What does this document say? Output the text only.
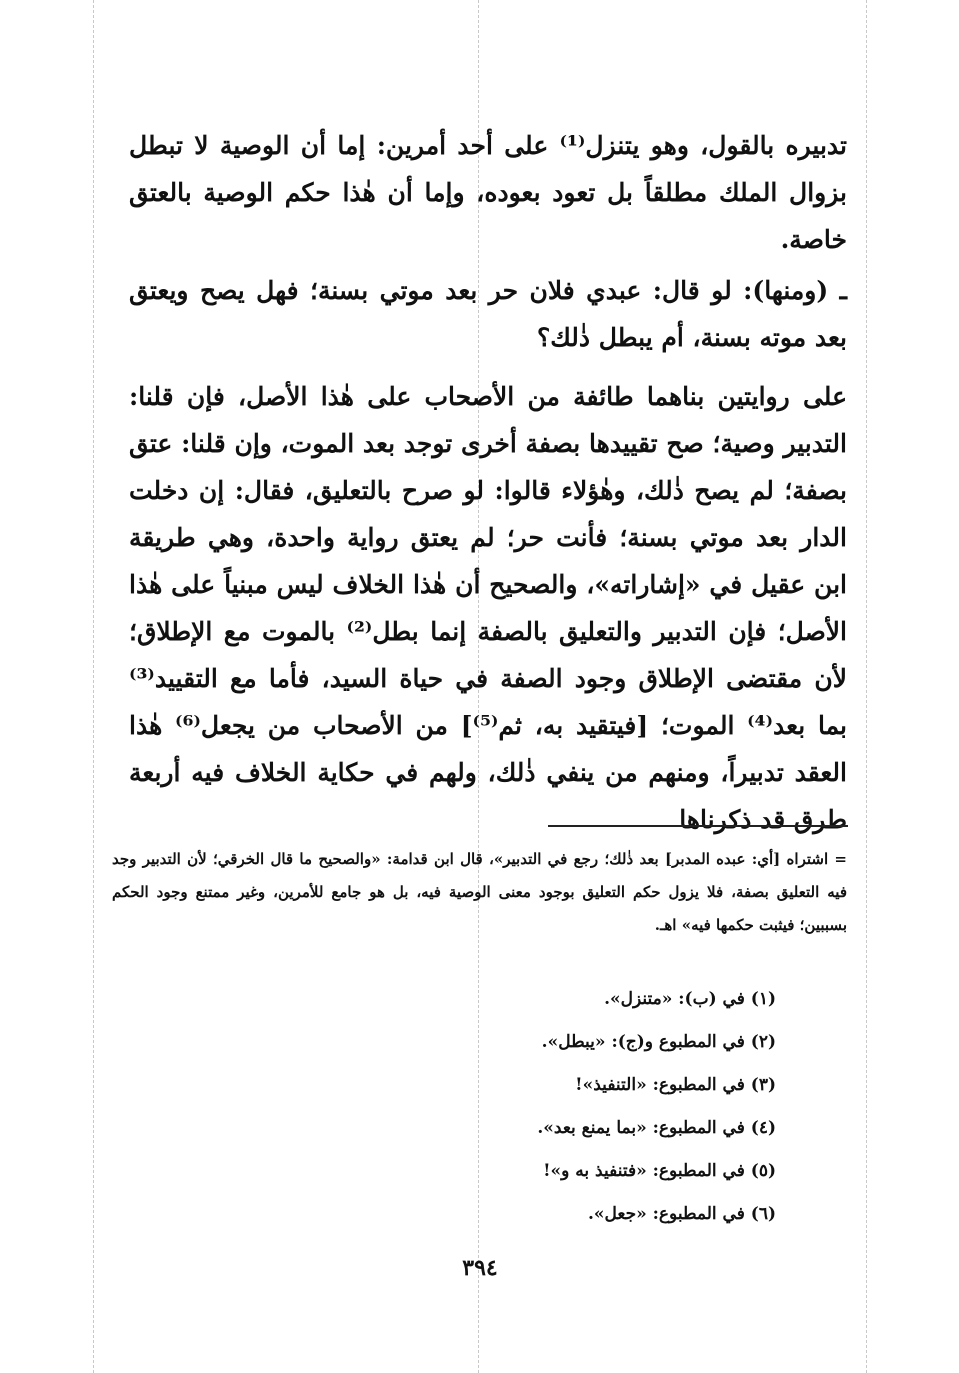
تدبيره بالقول، وهو يتنزل⁽¹⁾ على أحد أمرين: إما أن الوصية لا تبطل بزوال الملك مطلقاً بل تعود بعوده، وإما أن هٰذا حكم الوصية بالعتق خاصة.

ـ (ومنها): لو قال: عبدي فلان حر بعد موتي بسنة؛ فهل يصح ويعتق بعد موته بسنة، أم يبطل ذٰلك؟

على روايتين بناهما طائفة من الأصحاب على هٰذا الأصل، فإن قلنا: التدبير وصية؛ صح تقييدها بصفة أخرى توجد بعد الموت، وإن قلنا: عتق بصفة؛ لم يصح ذٰلك، وهٰؤلاء قالوا: لو صرح بالتعليق، فقال: إن دخلت الدار بعد موتي بسنة؛ فأنت حر؛ لم يعتق رواية واحدة، وهي طريقة ابن عقيل في «إشاراته»، والصحيح أن هٰذا الخلاف ليس مبنياً على هٰذا الأصل؛ فإن التدبير والتعليق بالصفة إنما بطل⁽²⁾ بالموت مع الإطلاق؛ لأن مقتضى الإطلاق وجود الصفة في حياة السيد، فأما مع التقييد⁽³⁾ بما بعد⁽⁴⁾ الموت؛ [فيتقيد به، ثم⁽⁵⁾] من الأصحاب من يجعل⁽⁶⁾ هٰذا العقد تدبيراً، ومنهم من ينفي ذٰلك، ولهم في حكاية الخلاف فيه أربعة طرق قد ذكرناها

= اشتراه [أي: عبده المدبر] بعد ذٰلك؛ رجع في التدبير»، قال ابن قدامة: «والصحيح ما قال الخرقي؛ لأن التدبير وجد فيه التعليق بصفة، فلا يزول حكم التعليق بوجود معنى الوصية فيه، بل هو جامع للأمرين، وغير ممتنع وجود الحكم بسببين؛ فيثبت حكمها فيه» اهـ.

(١) في (ب): «متنزل».
(٢) في المطبوع و(ج): «يبطل».
(٣) في المطبوع: «التنفيذ»!
(٤) في المطبوع: «بما يمنع بعد».
(٥) في المطبوع: «فتنفيذ به و»!
(٦) في المطبوع: «جعل».
٣٩٤
